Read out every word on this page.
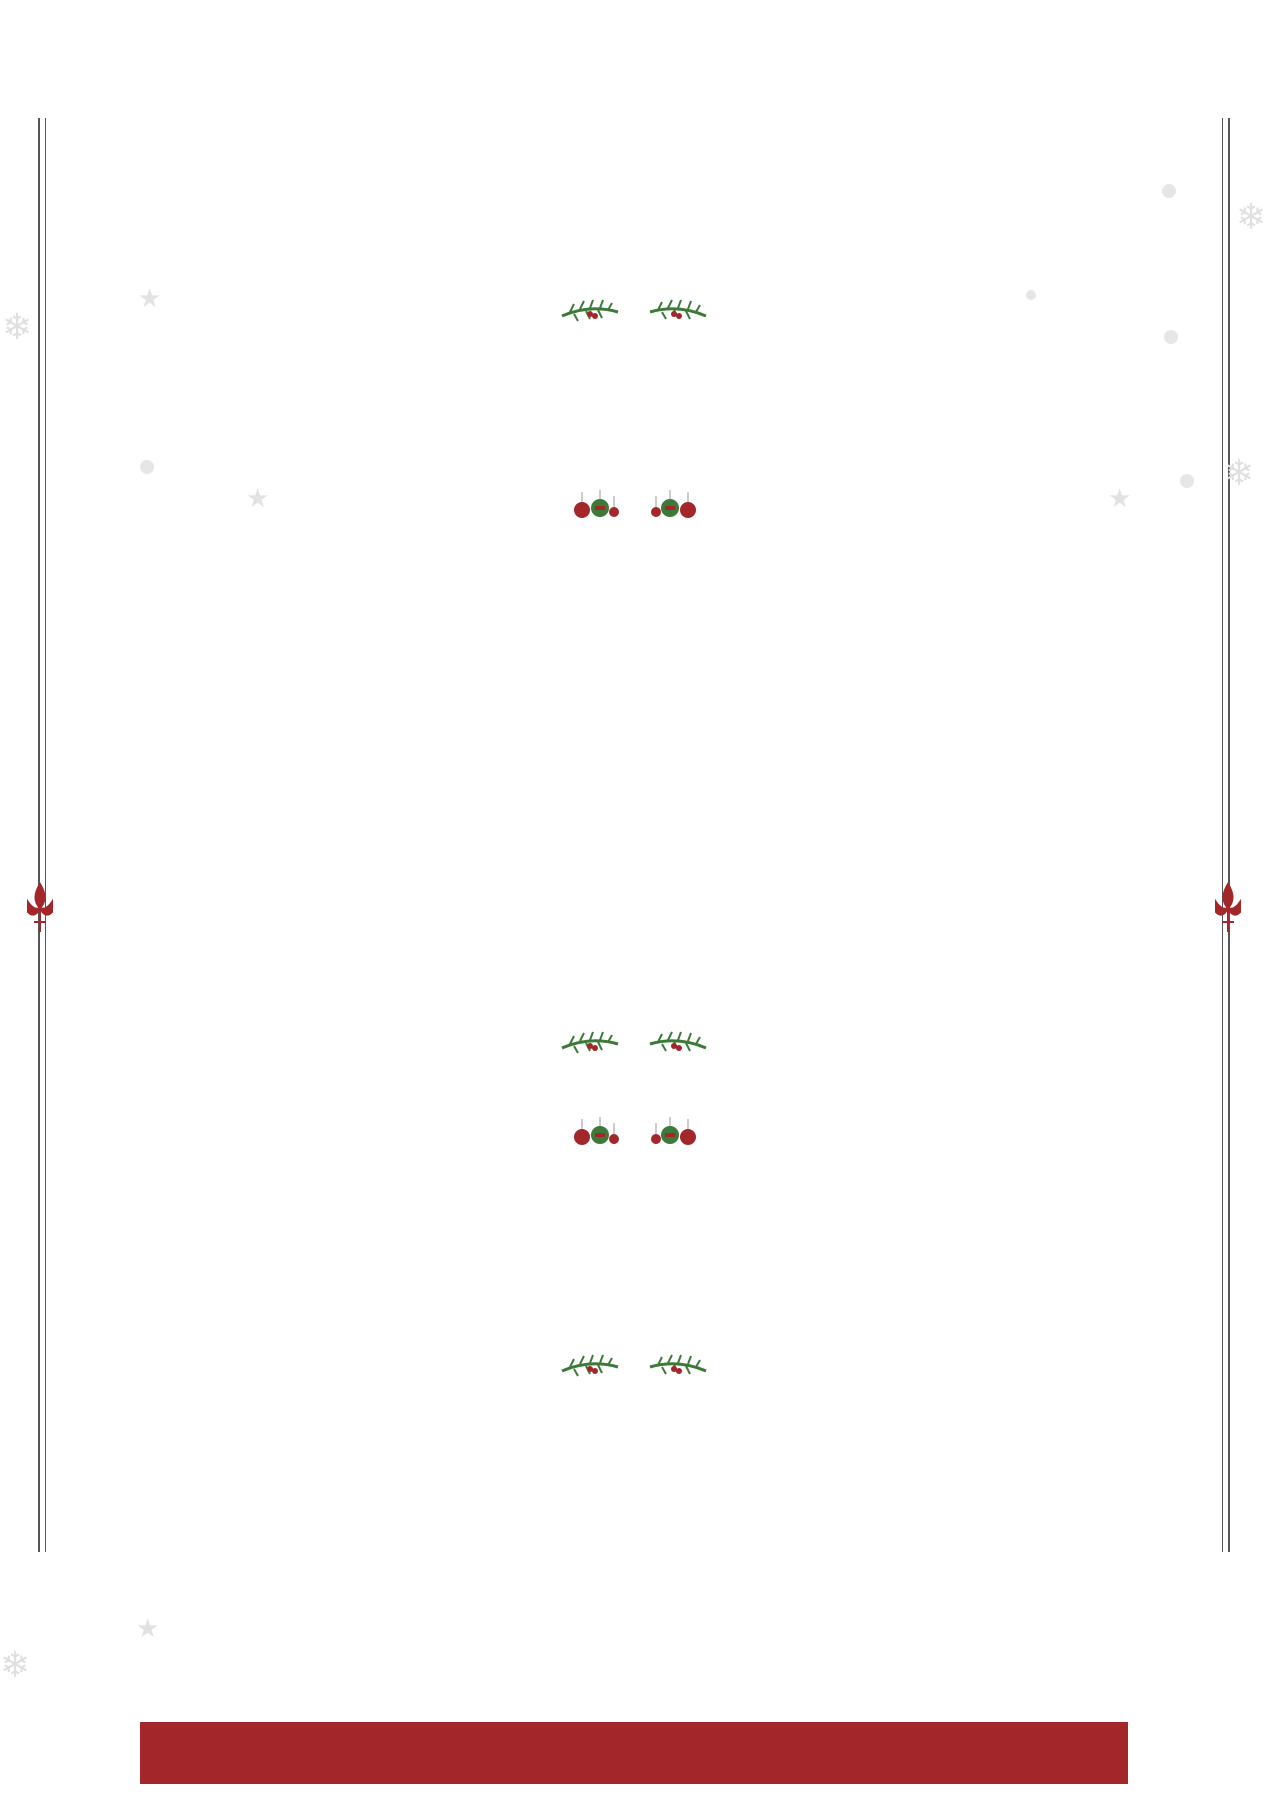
❄
❄
❄
❄
★
★	★
★
